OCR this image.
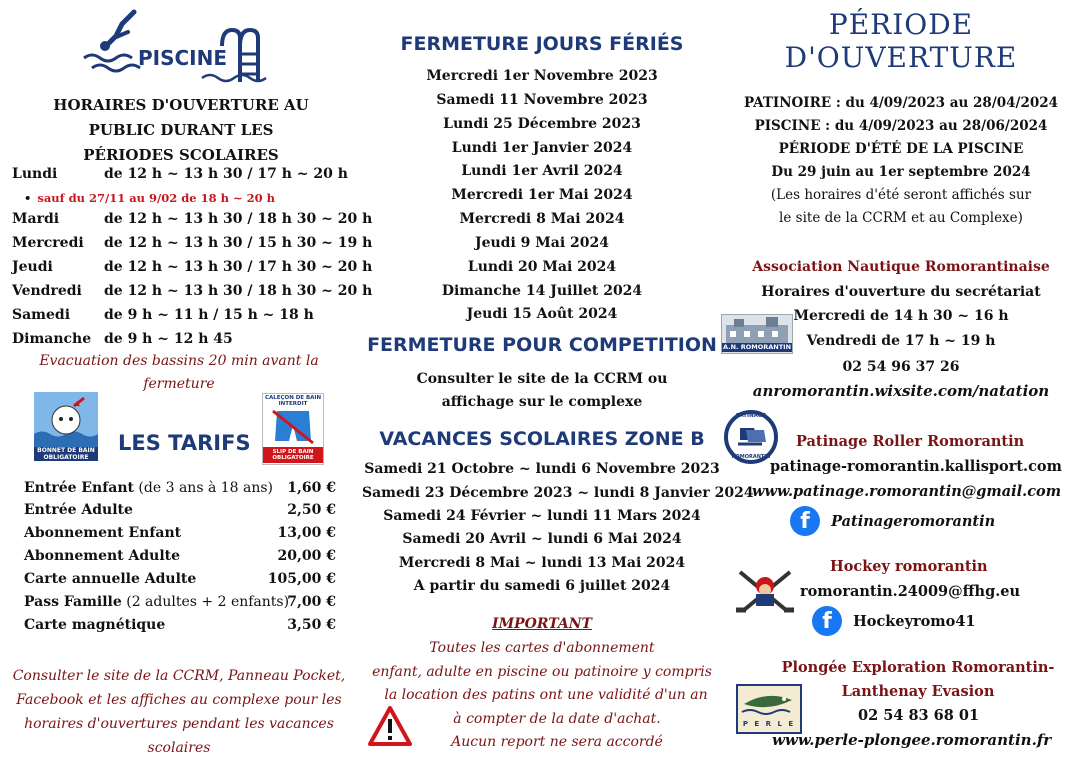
PISCINE
HORAIRES D'OUVERTURE AU
PUBLIC DURANT LES
PÉRIODES SCOLAIRES
Lundi	de 12 h ~ 13 h 30 / 17 h ~ 20 h
• sauf du 27/11 au 9/02 de 18 h ~ 20 h
Mardi	de 12 h ~ 13 h 30 / 18 h 30 ~ 20 h
Mercredi de 12 h ~ 13 h 30 / 15 h 30 ~ 19 h
Jeudi	de 12 h ~ 13 h 30 / 17 h 30 ~ 20 h
Vendredi de 12 h ~ 13 h 30 / 18 h 30 ~ 20 h
Samedi de 9 h ~ 11 h / 15 h ~ 18 h
Dimanche de 9 h ~ 12 h 45
Evacuation des bassins 20 min avant la
fermeture
BONNET DE BAIN OBLIGATOIRE
LES TARIFS
CALEÇON DE BAIN INTERDIT
SLIP DE BAIN OBLIGATOIRE
Entrée Enfant (de 3 ans à 18 ans) 1,60 €
Entrée Adulte	2,50 €
Abonnement Enfant	13,00 €
Abonnement Adulte	20,00 €
Carte annuelle Adulte	105,00 €
Pass Famille (2 adultes + 2 enfants)
7,00 €
Carte magnétique	3,50 €
Consulter le site de la CCRM, Panneau Pocket,
Facebook et les affiches au complexe pour les
horaires d'ouvertures pendant les vacances
scolaires
FERMETURE JOURS FÉRIÉS
Mercredi 1er Novembre 2023
Samedi 11 Novembre 2023
Lundi 25 Décembre 2023
Lundi 1er Janvier 2024
Lundi 1er Avril 2024
Mercredi 1er Mai 2024
Mercredi 8 Mai 2024
Jeudi 9 Mai 2024
Lundi 20 Mai 2024
Dimanche 14 Juillet 2024
Jeudi 15 Août 2024
FERMETURE POUR COMPETITION
Consulter le site de la CCRM ou
affichage sur le complexe
VACANCES SCOLAIRES ZONE B
Samedi 21 Octobre ~ lundi 6 Novembre 2023
Samedi 23 Décembre 2023 ~ lundi 8 Janvier 2024
Samedi 24 Février ~ lundi 11 Mars 2024
Samedi 20 Avril ~ lundi 6 Mai 2024
Mercredi 8 Mai ~ lundi 13 Mai 2024
A partir du samedi 6 juillet 2024
IMPORTANT
Toutes les cartes d'abonnement
enfant, adulte en piscine ou patinoire y compris
la location des patins ont une validité d'un an
à compter de la date d'achat.
Aucun report ne sera accordé
PÉRIODE
D'OUVERTURE
PATINOIRE : du 4/09/2023 au 28/04/2024
PISCINE : du 4/09/2023 au 28/06/2024
PÉRIODE D'ÉTÉ DE LA PISCINE
Du 29 juin au 1er septembre 2024
(Les horaires d'été seront affichés sur
le site de la CCRM et au Complexe)
Association Nautique Romorantinaise
Horaires d'ouverture du secrétariat
A.N. ROMORANTIN
Mercredi de 14 h 30 ~ 16 h
Vendredi de 17 h ~ 19 h
02 54 96 37 26
anromorantin.wixsite.com/natation
PATINAGE
ROMORANTIN
Patinage Roller Romorantin
patinage-romorantin.kallisport.com
www.patinage.romorantin@gmail.com
f Patinageromorantin
Hockey romorantin
romorantin.24009@ffhg.eu
f Hockeyromo41
Plongée Exploration Romorantin-
Lanthenay Evasion
P E R L E	02 54 83 68 01
www.perle-plongee.romorantin.fr
